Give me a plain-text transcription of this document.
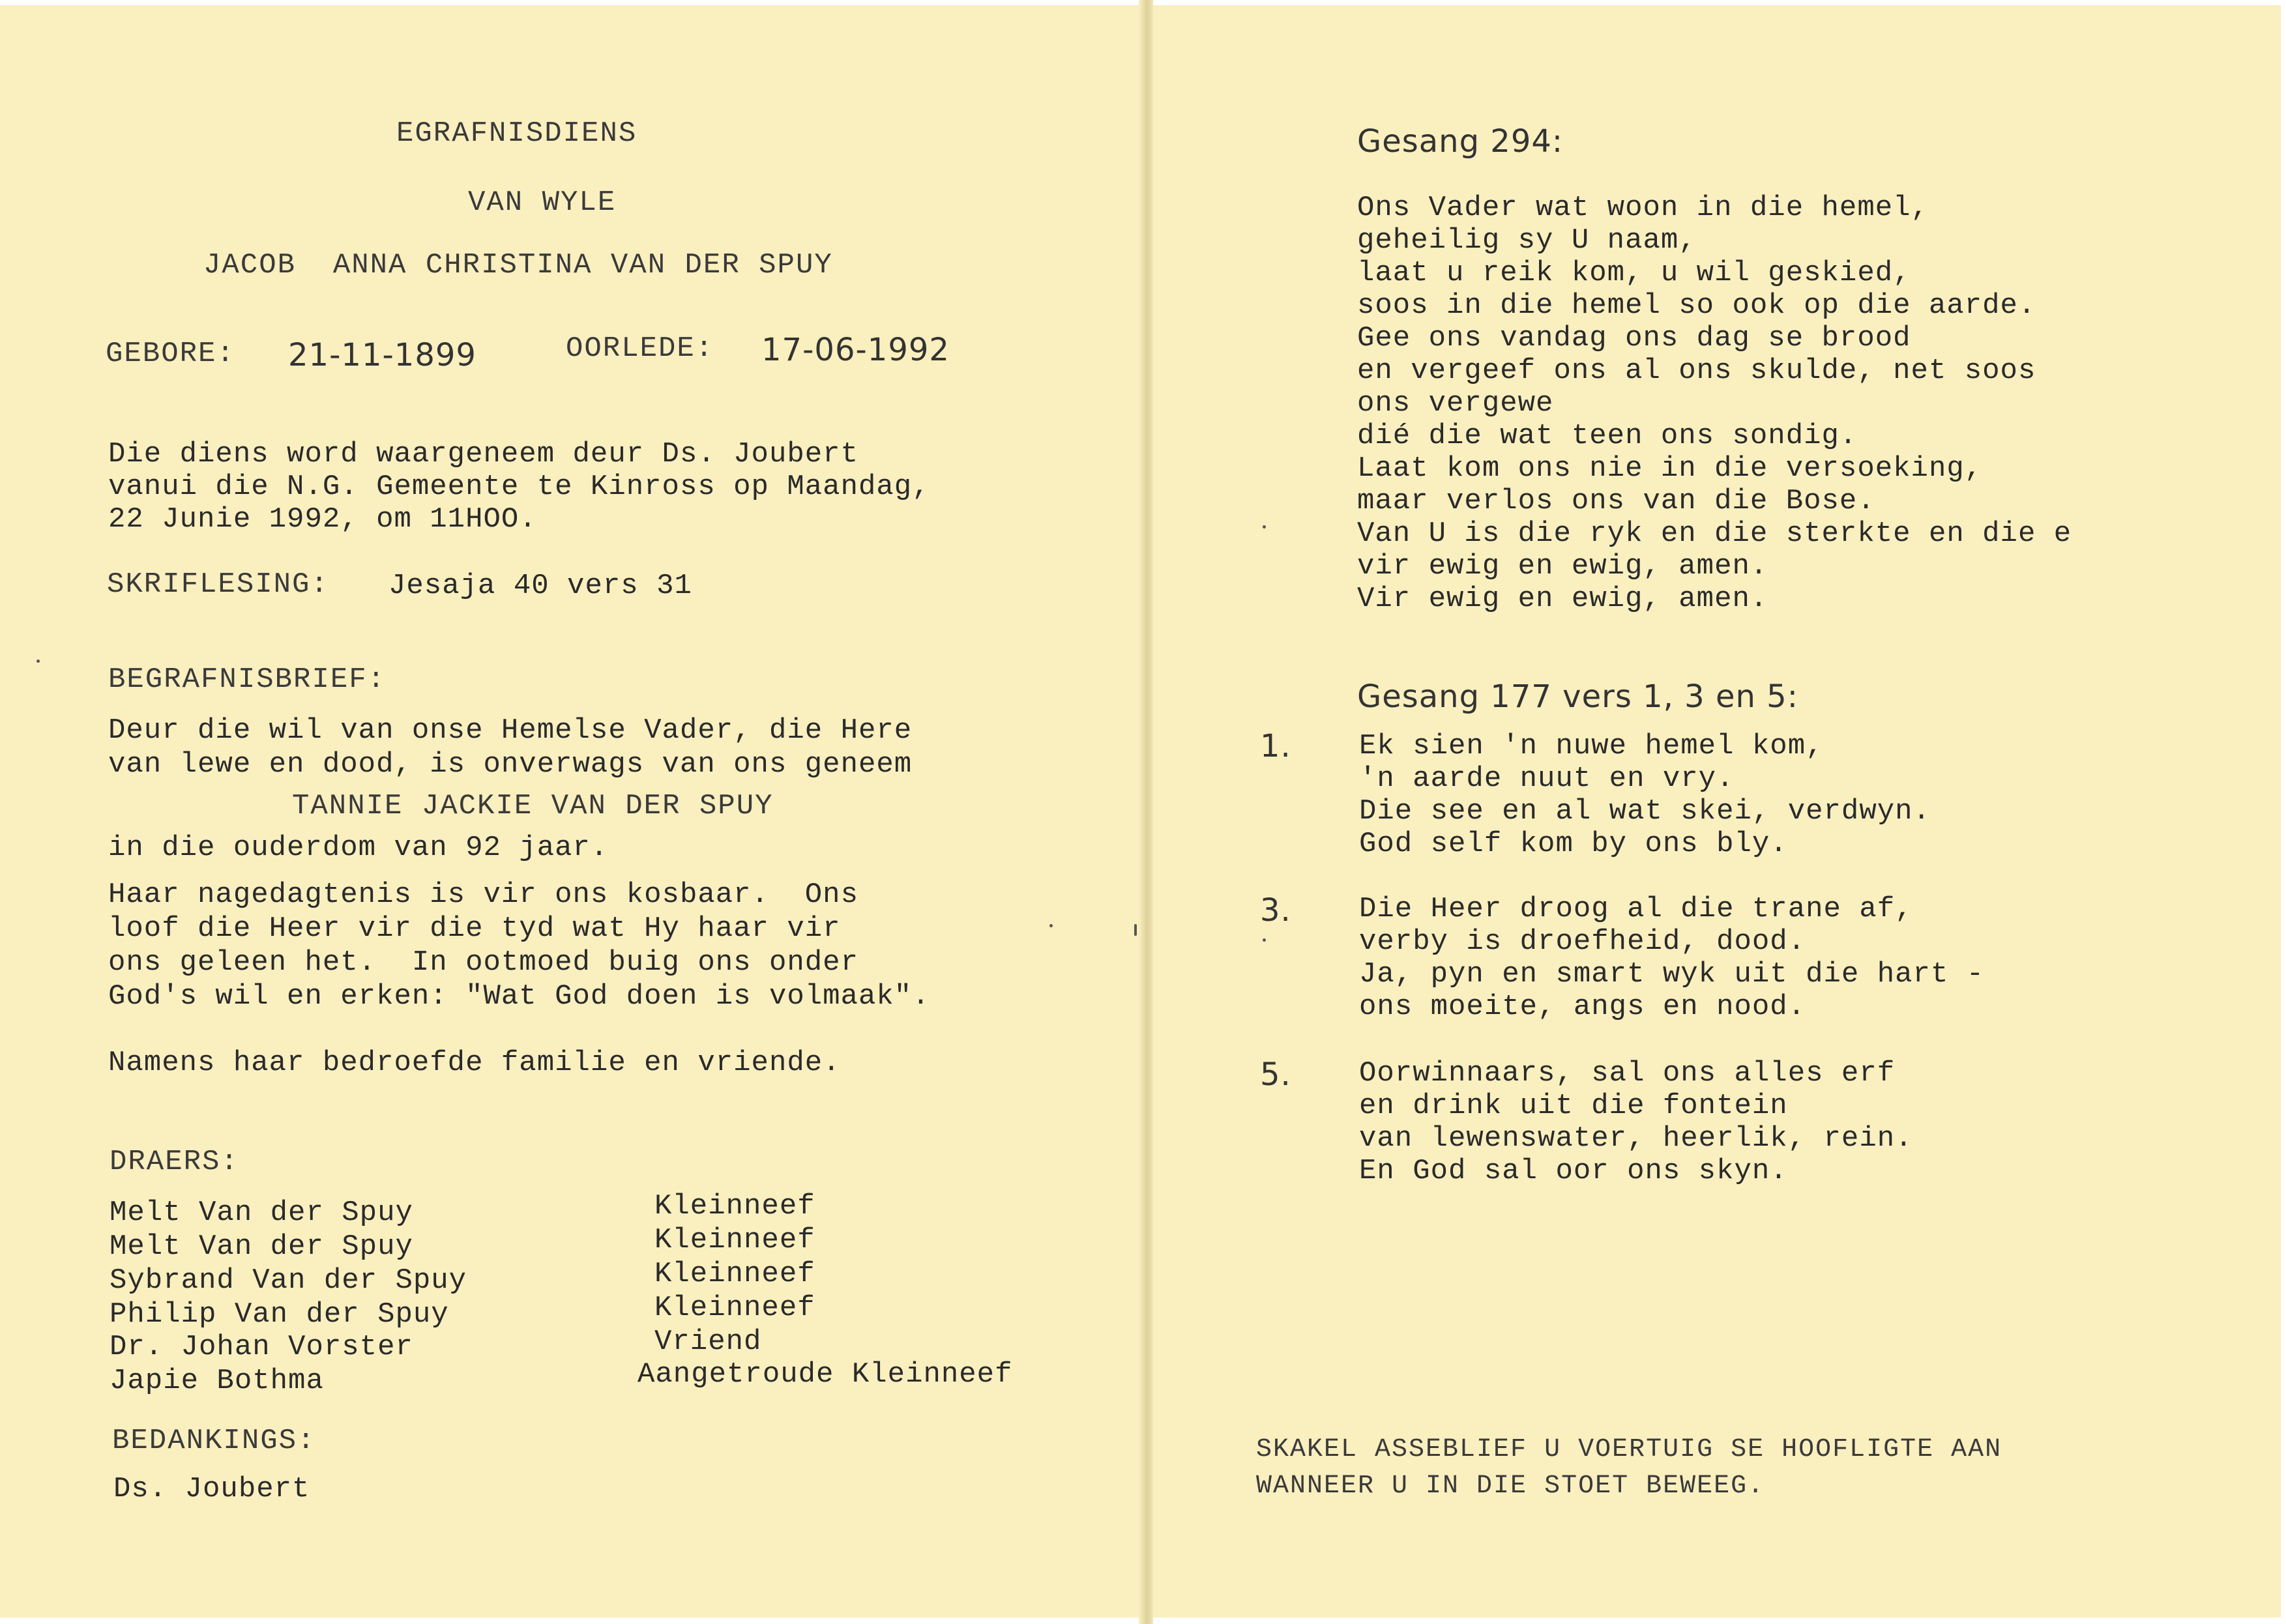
EGRAFNISDIENS
VAN WYLE
JACOB  ANNA CHRISTINA VAN DER SPUY
GEBORE: 21-11-1899	OORLEDE: 17-06-1992
Die diens word waargeneem deur Ds. Joubert
vanui die N.G. Gemeente te Kinross op Maandag,
22 Junie 1992, om 11HOO.
SKRIFLESING: Jesaja 40 vers 31
BEGRAFNISBRIEF:
Deur die wil van onse Hemelse Vader, die Here
van lewe en dood, is onverwags van ons geneem
TANNIE JACKIE VAN DER SPUY
in die ouderdom van 92 jaar.
Haar nagedagtenis is vir ons kosbaar.  Ons
loof die Heer vir die tyd wat Hy haar vir
ons geleen het.  In ootmoed buig ons onder
God's wil en erken: "Wat God doen is volmaak".
Namens haar bedroefde familie en vriende.
DRAERS:
Melt Van der Spuy	Kleinneef
Melt Van der Spuy	Kleinneef
Sybrand Van der Spuy	Kleinneef
Philip Van der Spuy	Kleinneef
Dr. Johan Vorster	Vriend
Japie Bothma	Aangetroude Kleinneef
BEDANKINGS:
Ds. Joubert
Gesang 294:
Ons Vader wat woon in die hemel,
geheilig sy U naam,
laat u reik kom, u wil geskied,
soos in die hemel so ook op die aarde.
Gee ons vandag ons dag se brood
en vergeef ons al ons skulde, net soos
ons vergewe
dié die wat teen ons sondig.
Laat kom ons nie in die versoeking,
maar verlos ons van die Bose.
Van U is die ryk en die sterkte en die e
vir ewig en ewig, amen.
Vir ewig en ewig, amen.
Gesang 177 vers 1, 3 en 5:
1. Ek sien 'n nuwe hemel kom,
'n aarde nuut en vry.
Die see en al wat skei, verdwyn.
God self kom by ons bly.
3. Die Heer droog al die trane af,
verby is droefheid, dood.
Ja, pyn en smart wyk uit die hart -
ons moeite, angs en nood.
5. Oorwinnaars, sal ons alles erf
en drink uit die fontein
van lewenswater, heerlik, rein.
En God sal oor ons skyn.
SKAKEL ASSEBLIEF U VOERTUIG SE HOOFLIGTE AAN
WANNEER U IN DIE STOET BEWEEG.
